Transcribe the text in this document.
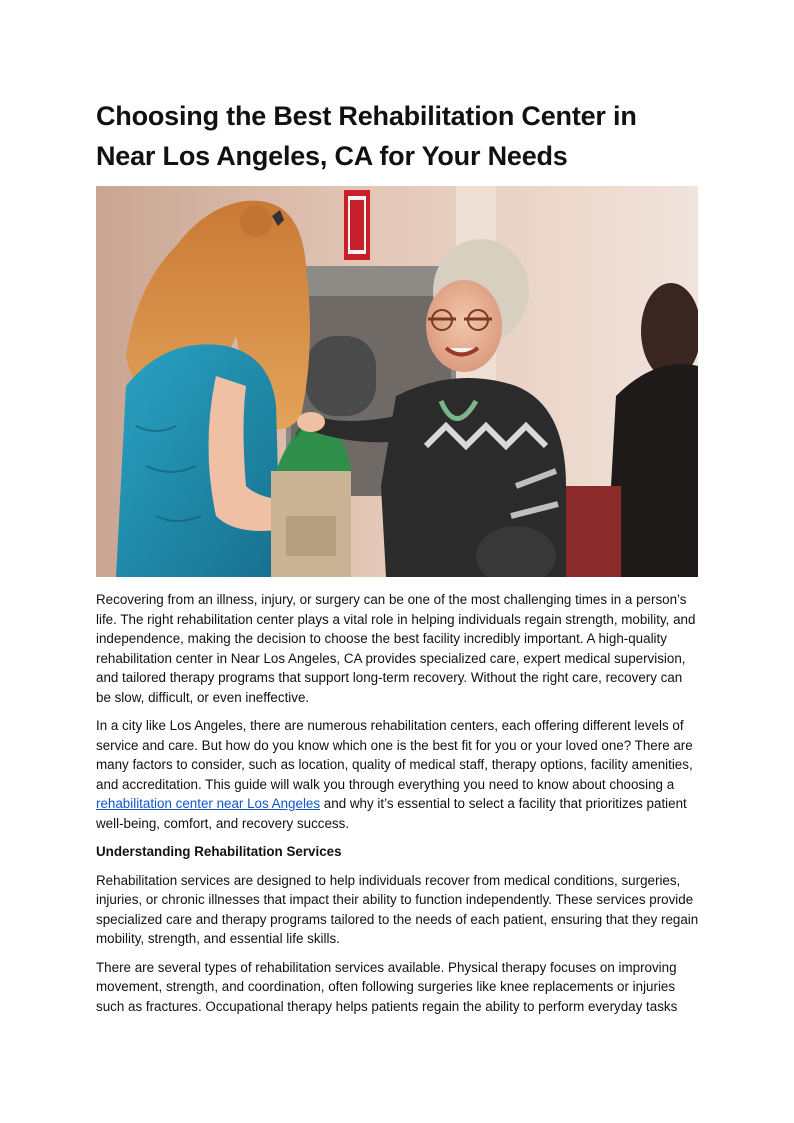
Choosing the Best Rehabilitation Center in Near Los Angeles, CA for Your Needs

Recovering from an illness, injury, or surgery can be one of the most challenging times in a person’s life. The right rehabilitation center plays a vital role in helping individuals regain strength, mobility, and independence, making the decision to choose the best facility incredibly important. A high-quality rehabilitation center in Near Los Angeles, CA provides specialized care, expert medical supervision, and tailored therapy programs that support long-term recovery. Without the right care, recovery can be slow, difficult, or even ineffective.

In a city like Los Angeles, there are numerous rehabilitation centers, each offering different levels of service and care. But how do you know which one is the best fit for you or your loved one? There are many factors to consider, such as location, quality of medical staff, therapy options, facility amenities, and accreditation. This guide will walk you through everything you need to know about choosing a rehabilitation center near Los Angeles and why it’s essential to select a facility that prioritizes patient well-being, comfort, and recovery success.

Understanding Rehabilitation Services

Rehabilitation services are designed to help individuals recover from medical conditions, surgeries, injuries, or chronic illnesses that impact their ability to function independently. These services provide specialized care and therapy programs tailored to the needs of each patient, ensuring that they regain mobility, strength, and essential life skills.

There are several types of rehabilitation services available. Physical therapy focuses on improving movement, strength, and coordination, often following surgeries like knee replacements or injuries such as fractures. Occupational therapy helps patients regain the ability to perform everyday tasks
